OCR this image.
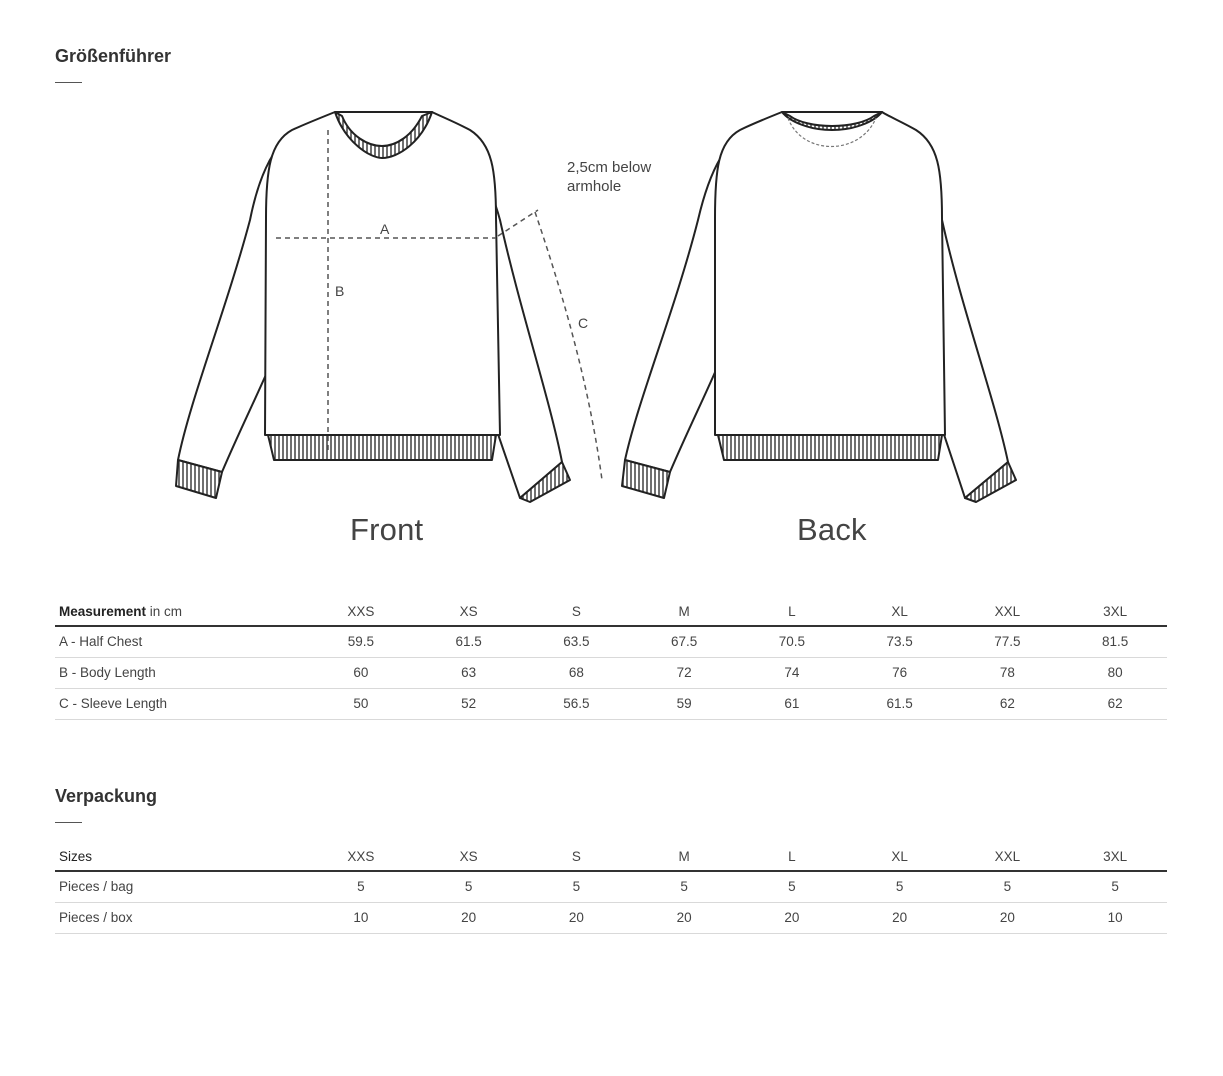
Größenführer
A
B
C
2,5cm below
armhole
Front	Back
Measurement in cm	XXS	XS	S	M	L	XL	XXL	3XL
A - Half Chest	59.5	61.5	63.5	67.5	70.5	73.5	77.5	81.5
B - Body Length	60	63	68	72	74	76	78	80
C - Sleeve Length	50	52	56.5	59	61	61.5	62	62
Verpackung
Sizes	XXS	XS	S	M	L	XL	XXL	3XL
Pieces / bag	5	5	5	5	5	5	5	5
Pieces / box	10	20	20	20	20	20	20	10
